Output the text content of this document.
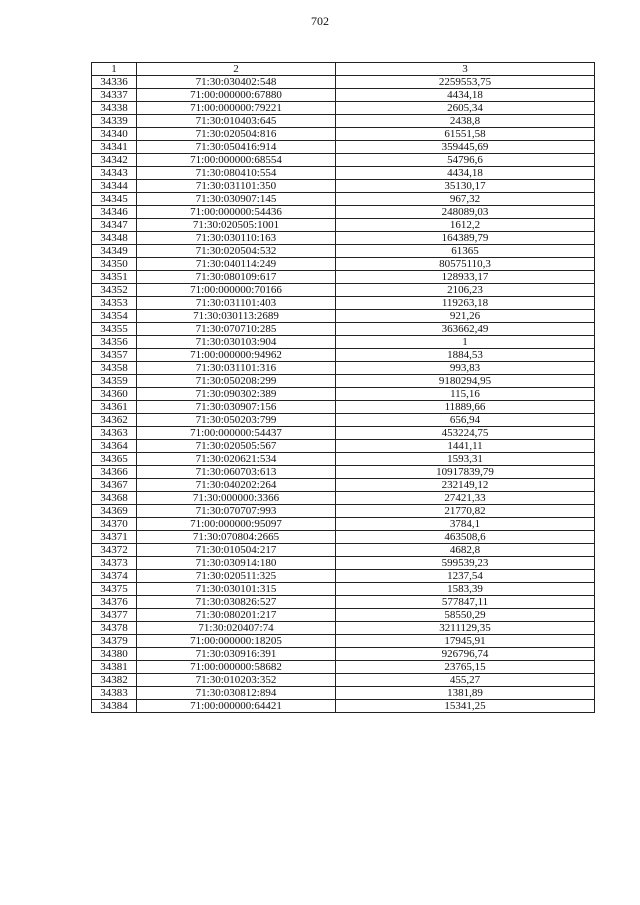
702
1	2	3
34336	71:30:030402:548	2259553,75
34337	71:00:000000:67880	4434,18
34338	71:00:000000:79221	2605,34
34339	71:30:010403:645	2438,8
34340	71:30:020504:816	61551,58
34341	71:30:050416:914	359445,69
34342	71:00:000000:68554	54796,6
34343	71:30:080410:554	4434,18
34344	71:30:031101:350	35130,17
34345	71:30:030907:145	967,32
34346	71:00:000000:54436	248089,03
34347	71:30:020505:1001	1612,2
34348	71:30:030110:163	164389,79
34349	71:30:020504:532	61365
34350	71:30:040114:249	80575110,3
34351	71:30:080109:617	128933,17
34352	71:00:000000:70166	2106,23
34353	71:30:031101:403	119263,18
34354	71:30:030113:2689	921,26
34355	71:30:070710:285	363662,49
34356	71:30:030103:904	1
34357	71:00:000000:94962	1884,53
34358	71:30:031101:316	993,83
34359	71:30:050208:299	9180294,95
34360	71:30:090302:389	115,16
34361	71:30:030907:156	11889,66
34362	71:30:050203:799	656,94
34363	71:00:000000:54437	453224,75
34364	71:30:020505:567	1441,11
34365	71:30:020621:534	1593,31
34366	71:30:060703:613	10917839,79
34367	71:30:040202:264	232149,12
34368	71:30:000000:3366	27421,33
34369	71:30:070707:993	21770,82
34370	71:00:000000:95097	3784,1
34371	71:30:070804:2665	463508,6
34372	71:30:010504:217	4682,8
34373	71:30:030914:180	599539,23
34374	71:30:020511:325	1237,54
34375	71:30:030101:315	1583,39
34376	71:30:030826:527	577847,11
34377	71:30:080201:217	58550,29
34378	71:30:020407:74	3211129,35
34379	71:00:000000:18205	17945,91
34380	71:30:030916:391	926796,74
34381	71:00:000000:58682	23765,15
34382	71:30:010203:352	455,27
34383	71:30:030812:894	1381,89
34384	71:00:000000:64421	15341,25
